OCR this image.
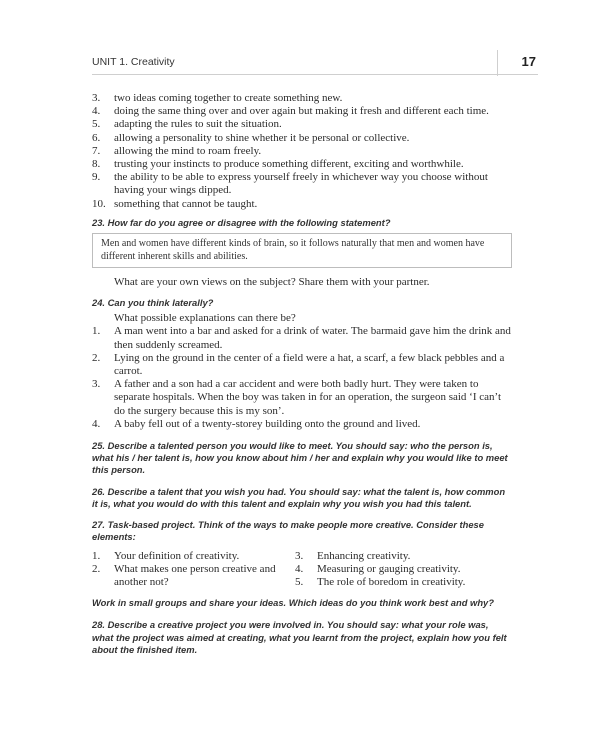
UNIT 1. Creativity	17
3. two ideas coming together to create something new.
4. doing the same thing over and over again but making it fresh and different each time.
5. adapting the rules to suit the situation.
6. allowing a personality to shine whether it be personal or collective.
7. allowing the mind to roam freely.
8. trusting your instincts to produce something different, exciting and worthwhile.
9. the ability to be able to express yourself freely in whichever way you choose without having your wings dipped.
10. something that cannot be taught.
23. How far do you agree or disagree with the following statement?
Men and women have different kinds of brain, so it follows naturally that men and women have different inherent skills and abilities.
What are your own views on the subject? Share them with your partner.
24. Can you think laterally?
What possible explanations can there be?
1. A man went into a bar and asked for a drink of water. The barmaid gave him the drink and then suddenly screamed.
2. Lying on the ground in the center of a field were a hat, a scarf, a few black pebbles and a carrot.
3. A father and a son had a car accident and were both badly hurt. They were taken to separate hospitals. When the boy was taken in for an operation, the surgeon said ‘I can’t do the surgery because this is my son’.
4. A baby fell out of a twenty-storey building onto the ground and lived.
25. Describe a talented person you would like to meet. You should say: who the person is, what his / her talent is, how you know about him / her and explain why you would like to meet this person.
26. Describe a talent that you wish you had. You should say: what the talent is, how common it is, what you would do with this talent and explain why you wish you had this talent.
27. Task-based project. Think of the ways to make people more creative. Consider these elements:
1. Your definition of creativity.
2. What makes one person creative and another not?
3. Enhancing creativity.
4. Measuring or gauging creativity.
5. The role of boredom in creativity.
Work in small groups and share your ideas. Which ideas do you think work best and why?
28. Describe a creative project you were involved in. You should say: what your role was, what the project was aimed at creating, what you learnt from the project, explain how you felt about the finished item.
